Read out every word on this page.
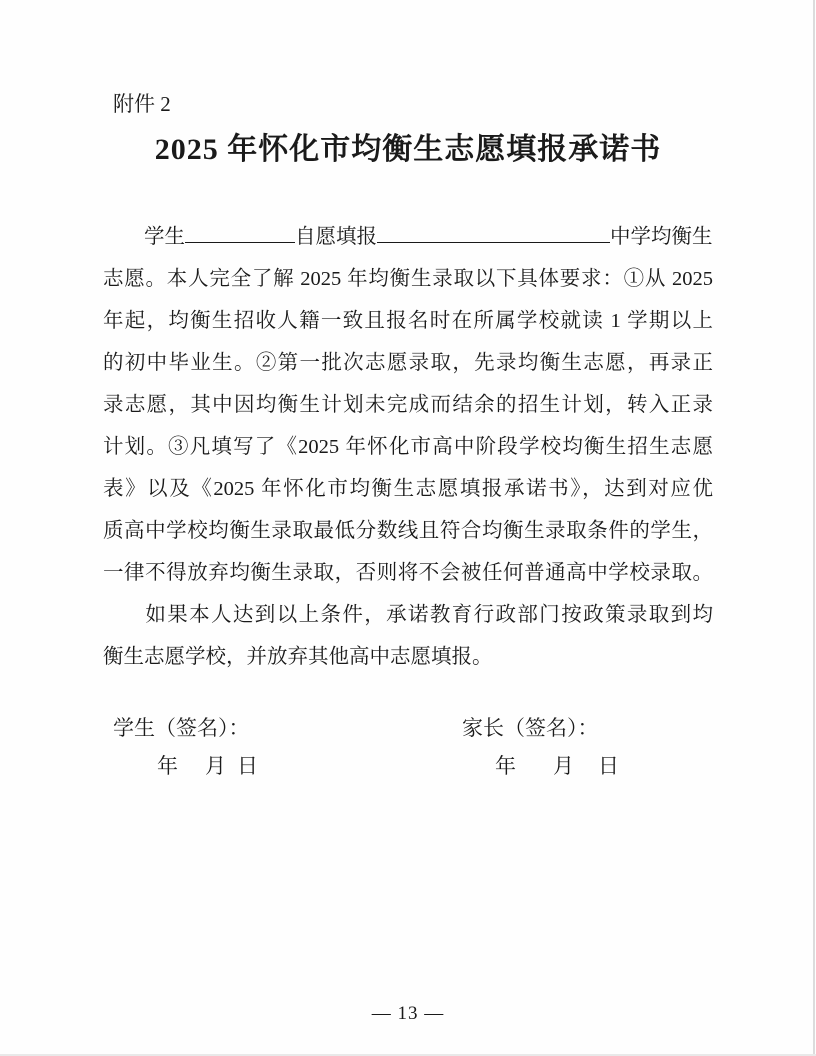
附件 2
2025 年怀化市均衡生志愿填报承诺书
学生	自愿填报	中学均衡生
志愿。本人完全了解 2025 年均衡生录取以下具体要求：①从 2025
年起，均衡生招收人籍一致且报名时在所属学校就读 1 学期以上
的初中毕业生。②第一批次志愿录取，先录均衡生志愿，再录正
录志愿，其中因均衡生计划未完成而结余的招生计划，转入正录
计划。③凡填写了《2025 年怀化市高中阶段学校均衡生招生志愿
表》以及《2025 年怀化市均衡生志愿填报承诺书》，达到对应优
质高中学校均衡生录取最低分数线且符合均衡生录取条件的学生，
一律不得放弃均衡生录取，否则将不会被任何普通高中学校录取。
如果本人达到以上条件，承诺教育行政部门按政策录取到均
衡生志愿学校，并放弃其他高中志愿填报。
学生（签名）：	家长（签名）：
年 月 日	年 月 日
— 13 —
